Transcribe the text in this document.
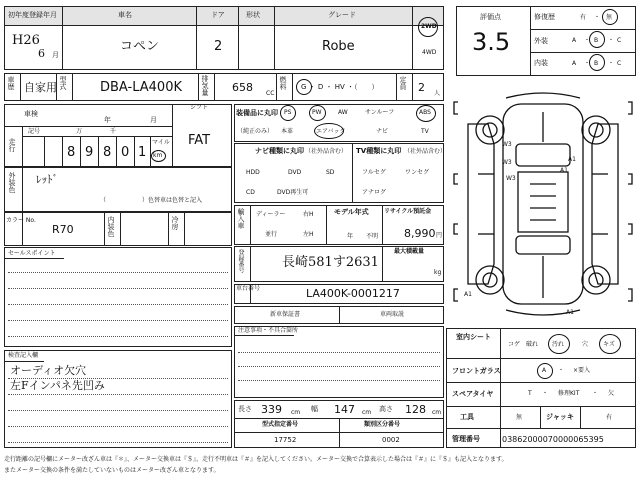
初年度登録年月
H26
6 月
車名
コペン
ドア
2
形状	グレード
Robe
2WD
4WD
車歴 自家用 型式	DBA-LA400K	排気量 658 CC
燃料 G ・ D ・ HV ・（　　）	定員 2 人
車検
年	月
シフト
FAT
走行
記号	万	千
8 9 8 0 1
マイル
km
外装色 ﾚｯﾄﾞ
（　　　　　　）色替車は色替と記入
カラー No.
R70	内装色	冷房
セールスポイント
検査記入欄
オーディオ欠穴
左Fインパネ先凹み
装備品に丸印
（純正のみ）
PS	PW	AW	サンルーフ	ABS
本革	エアバック	ナビ	TV
ナビ種類に丸印 （社外品含む） TV種類に丸印 （社外品含む）
HDD	DVD	SD
CD	DVD再生可
フルセグ	ワンセグ
アナログ
輸入車 ディーラー
並行
右H
左H
モデル年式
年 不明
リサイクル預託金
8,990 円
登録番号	長崎581す2631
最大積載量
kg
車台番号	LA400K-0001217
新車保証書	車両取説
注意事項・不具合箇所
長さ 339 cm 幅 147 cm 高さ 128 cm
型式指定番号
17752
類別区分番号
0002
評価点
3.5
修復歴	有 ・ 無
外装	A ・ B ・ C
内装	A ・ B ・ C
W3
W3
W3
A1
A1
A1
A1
室内シート
コゲ 破れ 汚れ	穴 キズ
フロントガラス	A ・ ×要入
スペアタイヤ	T ・ 修理KIT ・ 欠
工具	無	ジャッキ	有
管理番号	03862000070000065395
走行距離の記号欄にメーター改ざん車は『＊』、メーター交換車は『＄』、走行不明車は『＃』を記入してください。メーター交換で合算表示した場合は『＃』に『＄』も記入となります。
またメーター交換の条件を満たしていないものはメーター改ざん車となります。
